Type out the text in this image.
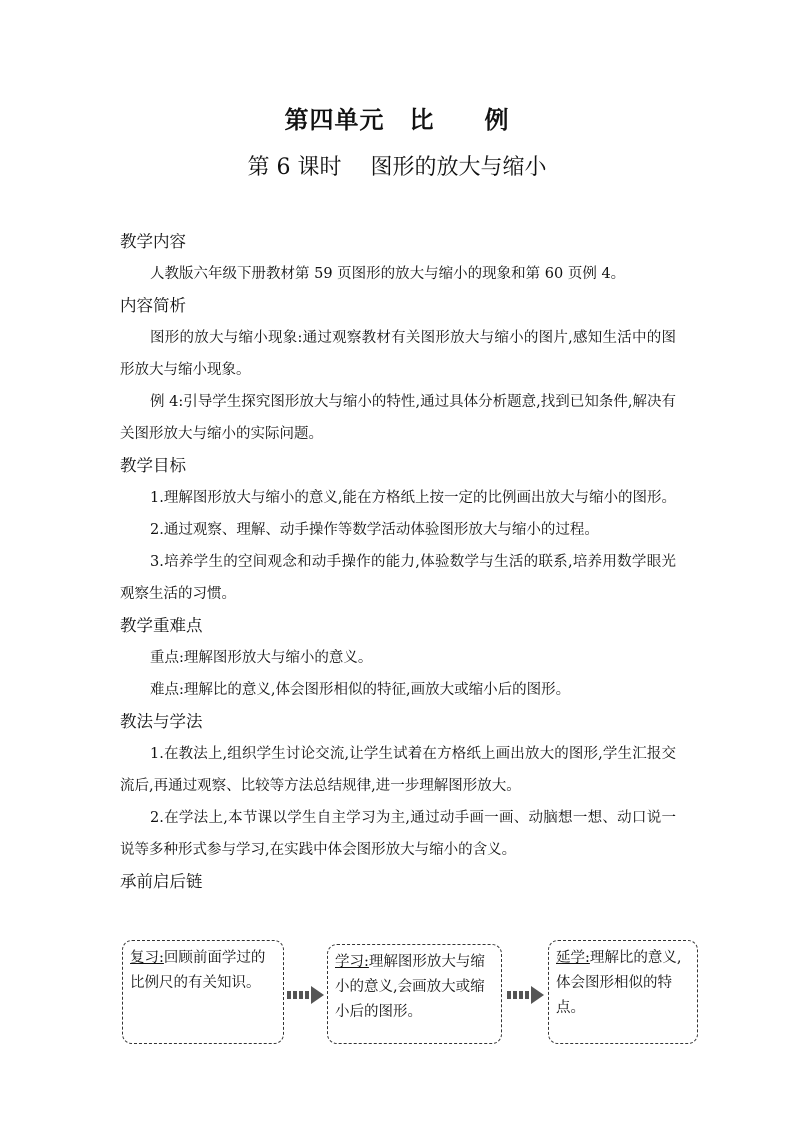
第四单元　比　　例
第 6 课时　 图形的放大与缩小
教学内容
人教版六年级下册教材第 59 页图形的放大与缩小的现象和第 60 页例 4。
内容简析
图形的放大与缩小现象:通过观察教材有关图形放大与缩小的图片,感知生活中的图形放大与缩小现象。
例 4:引导学生探究图形放大与缩小的特性,通过具体分析题意,找到已知条件,解决有关图形放大与缩小的实际问题。
教学目标
1.理解图形放大与缩小的意义,能在方格纸上按一定的比例画出放大与缩小的图形。
2.通过观察、理解、动手操作等数学活动体验图形放大与缩小的过程。
3.培养学生的空间观念和动手操作的能力,体验数学与生活的联系,培养用数学眼光观察生活的习惯。
教学重难点
重点:理解图形放大与缩小的意义。
难点:理解比的意义,体会图形相似的特征,画放大或缩小后的图形。
教法与学法
1.在教法上,组织学生讨论交流,让学生试着在方格纸上画出放大的图形,学生汇报交流后,再通过观察、比较等方法总结规律,进一步理解图形放大。
2.在学法上,本节课以学生自主学习为主,通过动手画一画、动脑想一想、动口说一说等多种形式参与学习,在实践中体会图形放大与缩小的含义。
承前启后链
复习:回顾前面学过的比例尺的有关知识。
学习:理解图形放大与缩小的意义,会画放大或缩小后的图形。
延学:理解比的意义,体会图形相似的特点。
